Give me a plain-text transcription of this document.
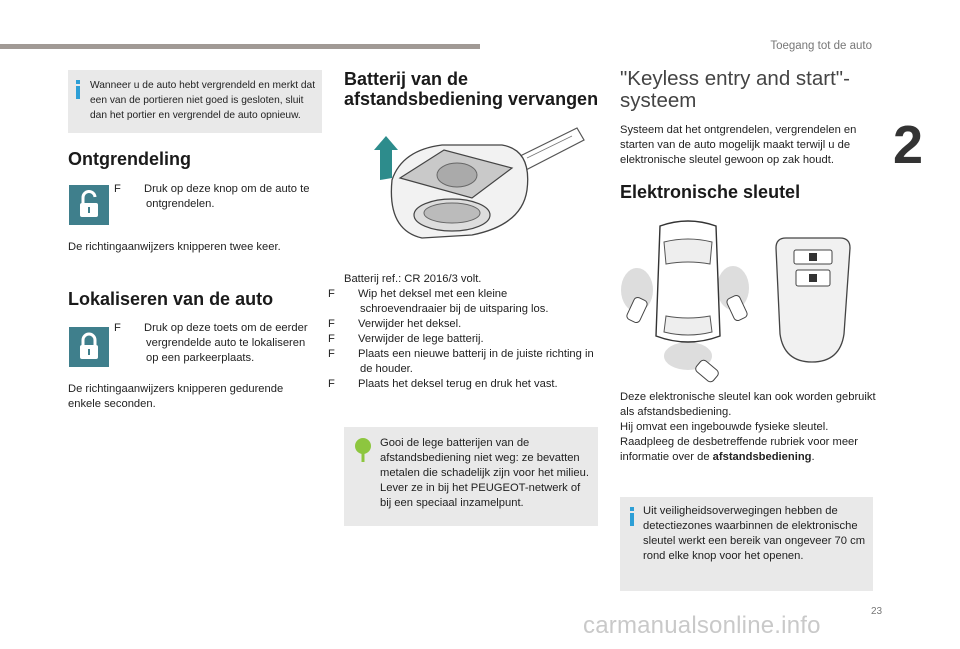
Toegang tot de auto
2
Wanneer u de auto hebt vergrendeld en merkt dat een van de portieren niet goed is gesloten, sluit dan het portier en vergrendel de auto opnieuw.
Ontgrendeling
F Druk op deze knop om de auto te ontgrendelen.
De richtingaanwijzers knipperen twee keer.
Lokaliseren van de auto
F Druk op deze toets om de eerder vergrendelde auto te lokaliseren op een parkeerplaats.
De richtingaanwijzers knipperen gedurende enkele seconden.
Batterij van de
afstandsbediening vervangen
Batterij ref.: CR 2016/3 volt.
F Wip het deksel met een kleine schroevendraaier bij de uitsparing los.
F Verwijder het deksel.
F Verwijder de lege batterij.
F Plaats een nieuwe batterij in de juiste richting in de houder.
F Plaats het deksel terug en druk het vast.
Gooi de lege batterijen van de afstandsbediening niet weg: ze bevatten metalen die schadelijk zijn voor het milieu. Lever ze in bij het PEUGEOT-netwerk of bij een speciaal inzamelpunt.
"Keyless entry and start"-systeem
Systeem dat het ontgrendelen, vergrendelen en starten van de auto mogelijk maakt terwijl u de elektronische sleutel gewoon op zak houdt.
Elektronische sleutel
Deze elektronische sleutel kan ook worden gebruikt als afstandsbediening.
Hij omvat een ingebouwde fysieke sleutel.
Raadpleeg de desbetreffende rubriek voor meer informatie over de afstandsbediening.
Uit veiligheidsoverwegingen hebben de detectiezones waarbinnen de elektronische sleutel werkt een bereik van ongeveer 70 cm rond elke knop voor het openen.
23
carmanualsonline.info
